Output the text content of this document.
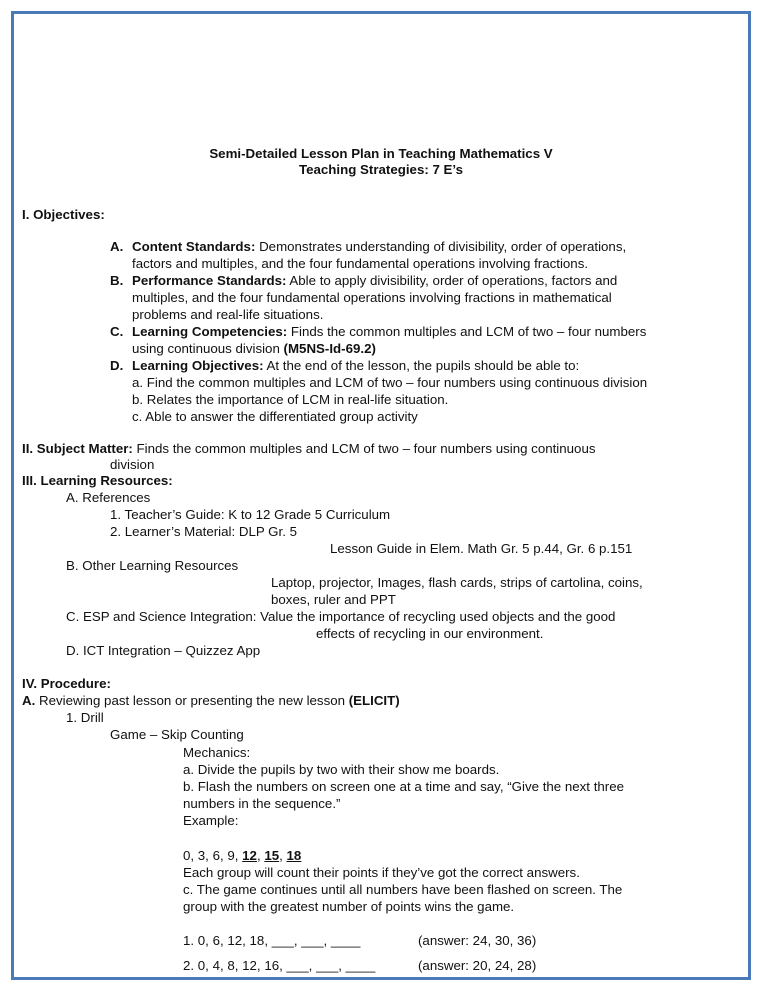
Semi-Detailed Lesson Plan in Teaching Mathematics V
Teaching Strategies: 7 E’s
I. Objectives:
A. Content Standards: Demonstrates understanding of divisibility, order of operations,
factors and multiples, and the four fundamental operations involving fractions.
B. Performance Standards: Able to apply divisibility, order of operations, factors and
multiples, and the four fundamental operations involving fractions in mathematical
problems and real-life situations.
C. Learning Competencies: Finds the common multiples and LCM of two – four numbers
using continuous division (M5NS-Id-69.2)
D. Learning Objectives: At the end of the lesson, the pupils should be able to:
a. Find the common multiples and LCM of two – four numbers using continuous division
b. Relates the importance of LCM in real-life situation.
c. Able to answer the differentiated group activity
II. Subject Matter: Finds the common multiples and LCM of two – four numbers using continuous
division
III. Learning Resources:
A. References
1. Teacher’s Guide: K to 12 Grade 5 Curriculum
2. Learner’s Material: DLP Gr. 5
Lesson Guide in Elem. Math Gr. 5 p.44, Gr. 6 p.151
B. Other Learning Resources
Laptop, projector, Images, flash cards, strips of cartolina, coins,
boxes, ruler and PPT
C. ESP and Science Integration: Value the importance of recycling used objects and the good
effects of recycling in our environment.
D. ICT Integration – Quizzez App
IV. Procedure:
A. Reviewing past lesson or presenting the new lesson (ELICIT)
1. Drill
Game – Skip Counting
Mechanics:
a. Divide the pupils by two with their show me boards.
b. Flash the numbers on screen one at a time and say, “Give the next three
numbers in the sequence.”
Example:
0, 3, 6, 9, 12, 15, 18
Each group will count their points if they’ve got the correct answers.
c. The game continues until all numbers have been flashed on screen. The
group with the greatest number of points wins the game.
1. 0, 6, 12, 18, ___, ___, ____	(answer: 24, 30, 36)
2. 0, 4, 8, 12, 16, ___, ___, ____	(answer: 20, 24, 28)
